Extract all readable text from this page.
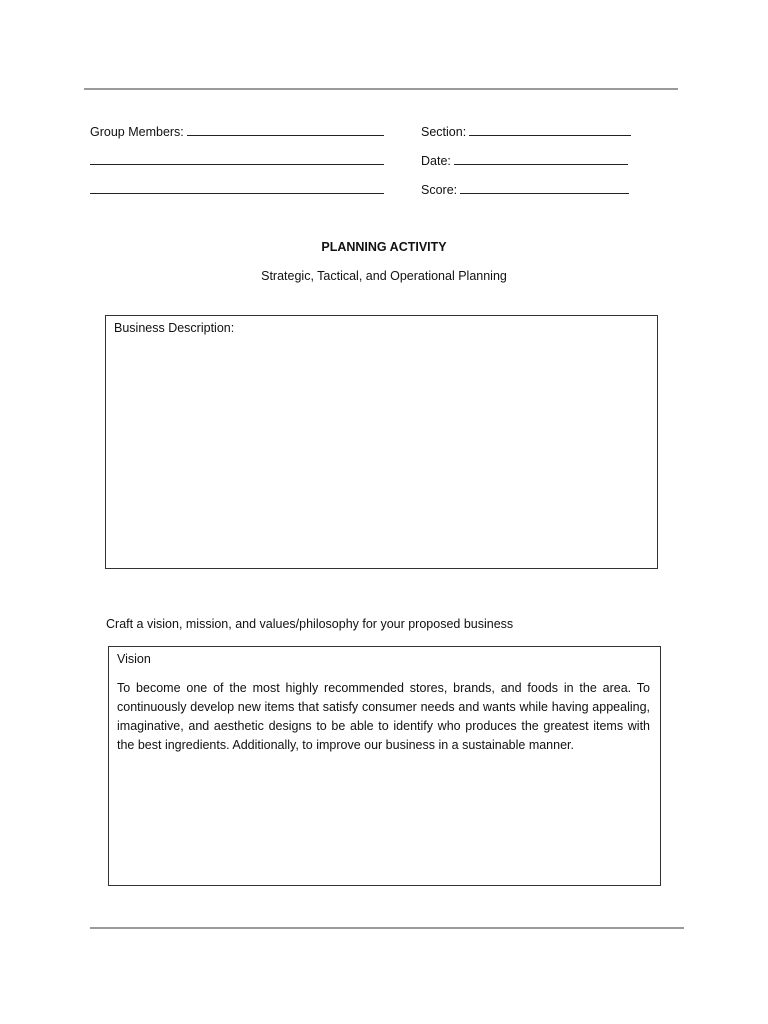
Group Members:	Section:
Date:
Score:
PLANNING ACTIVITY
Strategic, Tactical, and Operational Planning
Business Description:
Craft a vision, mission, and values/philosophy for your proposed business
Vision
To become one of the most highly recommended stores, brands, and foods in the area. To continuously develop new items that satisfy consumer needs and wants while having appealing, imaginative, and aesthetic designs to be able to identify who produces the greatest items with the best ingredients. Additionally, to improve our business in a sustainable manner.
